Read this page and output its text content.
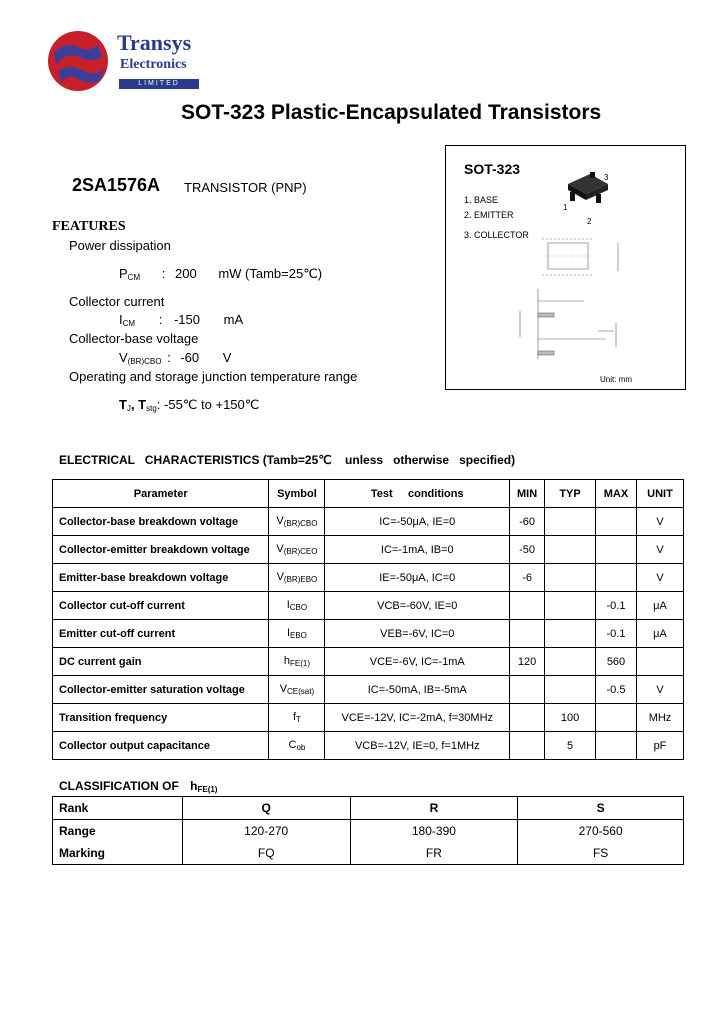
Transys
Electronics
LIMITED
SOT-323 Plastic-Encapsulated Transistors
2SA1576A TRANSISTOR (PNP)
FEATURES
Power dissipation
$P_{CM}$ : 200 mW (Tamb=25℃)
Collector current
$I_{CM}$ : -150 mA
Collector-base voltage
$V_{(BR)CBO}$ : -60 V
Operating and storage junction temperature range
$T_J$, $T_{stg}$: -55℃ to +150℃
SOT-323
1. BASE
2. EMITTER
3. COLLECTOR
1
2
3
Unit: mm
ELECTRICAL   CHARACTERISTICS (Tamb=25℃    unless   otherwise   specified)
Parameter	Symbol	Test     conditions	MIN	TYP	MAX	UNIT
Collector-base breakdown voltage	$V_{(BR)CBO}$	IC=-50μA, IE=0	-60			V
Collector-emitter breakdown voltage	$V_{(BR)CEO}$	IC=-1mA, IB=0	-50			V
Emitter-base breakdown voltage	$V_{(BR)EBO}$	IE=-50μA, IC=0	-6			V
Collector cut-off current	$I_{CBO}$	VCB=-60V, IE=0			-0.1	μA
Emitter cut-off current	$I_{EBO}$	VEB=-6V, IC=0			-0.1	μA
DC current gain	$h_{FE(1)}$	VCE=-6V, IC=-1mA	120		560	
Collector-emitter saturation voltage	$V_{CE(sat)}$	IC=-50mA, IB=-5mA			-0.5	V
Transition frequency	$f_T$	VCE=-12V, IC=-2mA, f=30MHz		100		MHz
Collector output capacitance	$C_{ob}$	VCB=-12V, IE=0, f=1MHz		5		pF
CLASSIFICATION OF $h_{FE(1)}$
Rank	Q	R	S
Range	120-270	180-390	270-560
Marking	FQ	FR	FS
